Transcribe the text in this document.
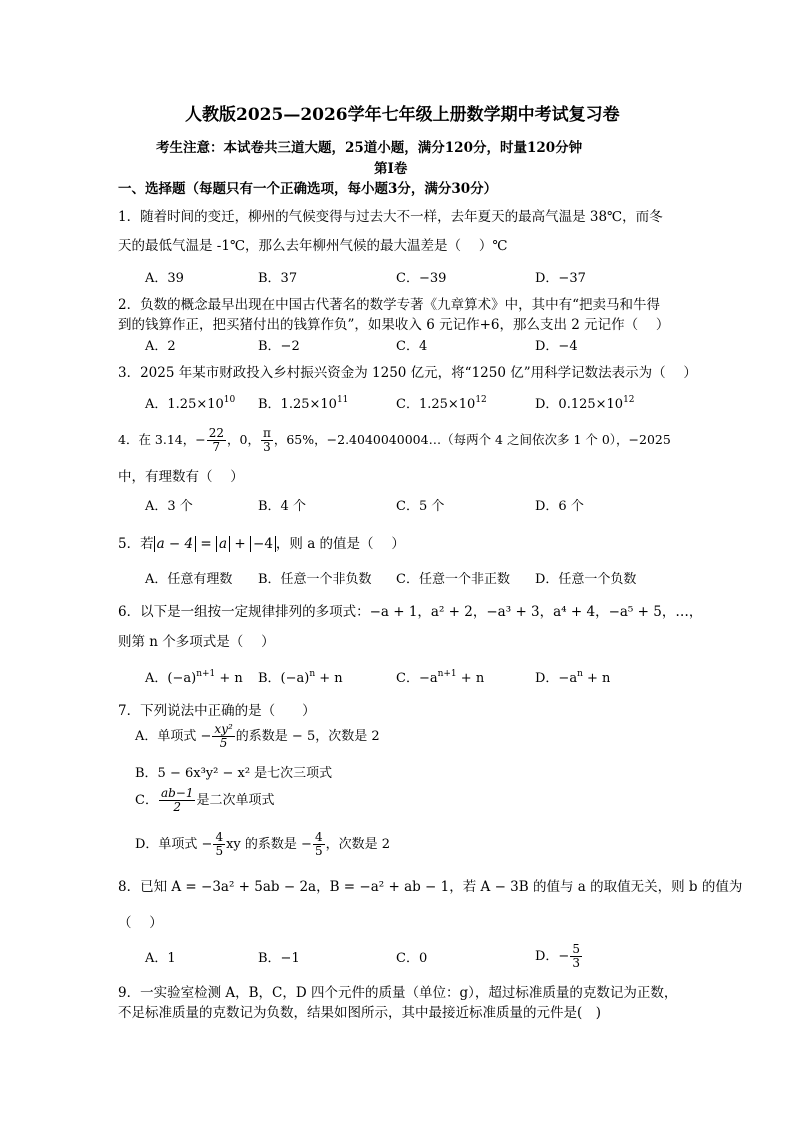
人教版2025—2026学年七年级上册数学期中考试复习卷
考生注意：本试卷共三道大题，25道小题，满分120分，时量120分钟
第Ⅰ卷
一、选择题（每题只有一个正确选项，每小题3分，满分30分）
1．随着时间的变迁，柳州的气候变得与过去大不一样，去年夏天的最高气温是 38℃，而冬
天的最低气温是 -1℃，那么去年柳州气候的最大温差是（　 ）℃
A．39	B．37	C．−39	D．−37
2．负数的概念最早出现在中国古代著名的数学专著《九章算术》中，其中有“把卖马和牛得
到的钱算作正，把买猪付出的钱算作负”，如果收入 6 元记作+6，那么支出 2 元记作（　 ）
A．2	B．−2	C．4	D．−4
3．2025 年某市财政投入乡村振兴资金为 1250 亿元，将“1250 亿”用科学记数法表示为（　 ）
A．$1.25\times 10^{10}$ B．$1.25\times 10^{11}$	C．$1.25\times 10^{12}$	D．$0.125\times 10^{12}$
4．在 3.14，− $\frac{22}{7}$ ，0， $\frac{\pi}{3}$ ，65%，−2.4040040004…（每两个 4 之间依次多 1 个 0），−2025
中，有理数有（　 ）
A．3 个	B．4 个	C．5 个	D．6 个
5．若 a − 4 = a + −4 ，则 a 的值是（　 ）
A．任意有理数 B．任意一个非负数 C．任意一个非正数 D．任意一个负数
6．以下是一组按一定规律排列的多项式：−a + 1，a² + 2，−a³ + 3，a⁴ + 4，−a⁵ + 5，…，
则第 n 个多项式是（　 ）
A．$(-a)^{n+1} + n$ B．$(-a)^n + n$	C．$-a^{n+1} + n$	D．$-a^n + n$
7．下列说法中正确的是（　　）
A．单项式 − $\frac{\text{xy²}}{5}$ 的系数是 − 5，次数是 2
B．5 − 6x³y² − x² 是七次三项式
C． $\frac{ab-1}{2}$ 是二次单项式
D．单项式 − $\frac{4}{5}$ xy 的系数是 − $\frac{4}{5}$ ，次数是 2
8．已知 A = −3a² + 5ab − 2a，B = −a² + ab − 1，若 A − 3B 的值与 a 的取值无关，则 b 的值为
（　 ）
A．1	B．−1	C．0	D．− $\frac{5}{3}$
9．一实验室检测 A，B，C，D 四个元件的质量（单位：g），超过标准质量的克数记为正数，
不足标准质量的克数记为负数，结果如图所示，其中最接近标准质量的元件是(　)
